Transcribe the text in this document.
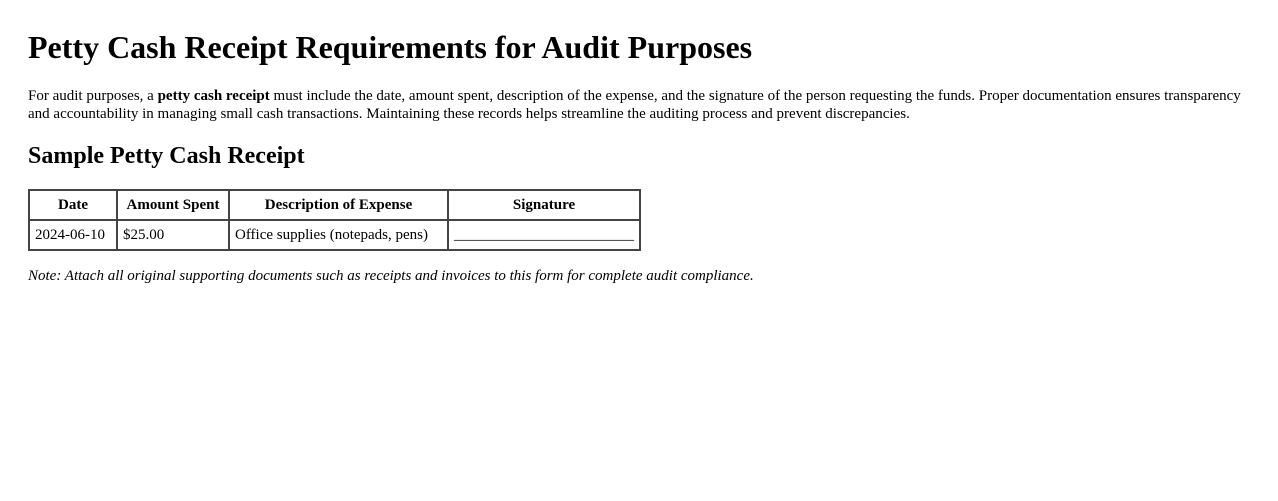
Petty Cash Receipt Requirements for Audit Purposes

For audit purposes, a petty cash receipt must include the date, amount spent, description of the expense, and the signature of the person requesting the funds. Proper documentation ensures transparency and accountability in managing small cash transactions. Maintaining these records helps streamline the auditing process and prevent discrepancies.

Sample Petty Cash Receipt
Date	Amount Spent	Description of Expense	Signature
2024-06-10	$25.00	Office supplies (notepads, pens)	________________________

Note: Attach all original supporting documents such as receipts and invoices to this form for complete audit compliance.
